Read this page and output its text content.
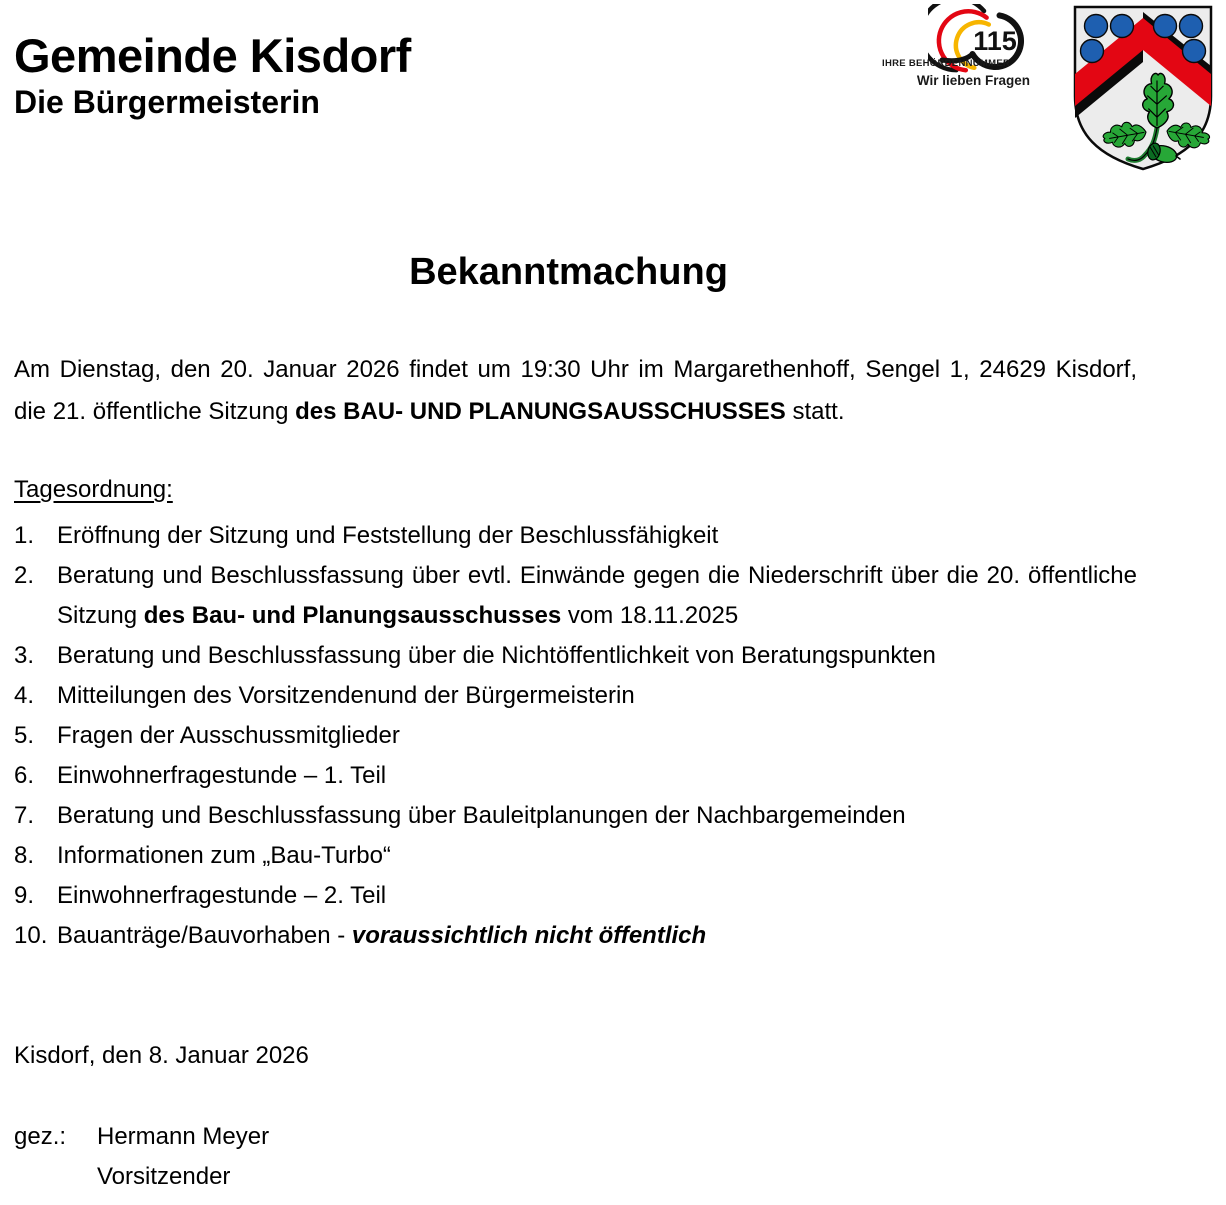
Gemeinde Kisdorf
Die Bürgermeisterin
115
IHRE BEHÖRDENNUMMER
Wir lieben Fragen
Bekanntmachung
Am Dienstag, den 20. Januar 2026 findet um 19:30 Uhr im Margarethenhoff, Sengel 1, 24629 Kisdorf,
die 21. öffentliche Sitzung des BAU- UND PLANUNGSAUSSCHUSSES statt.
Tagesordnung:
1. Eröffnung der Sitzung und Feststellung der Beschlussfähigkeit
2. Beratung und Beschlussfassung über evtl. Einwände gegen die Niederschrift über die 20. öffentliche
Sitzung des Bau- und Planungsausschusses vom 18.11.2025
3. Beratung und Beschlussfassung über die Nichtöffentlichkeit von Beratungspunkten
4. Mitteilungen des Vorsitzendenund der Bürgermeisterin
5. Fragen der Ausschussmitglieder
6. Einwohnerfragestunde – 1. Teil
7. Beratung und Beschlussfassung über Bauleitplanungen der Nachbargemeinden
8. Informationen zum „Bau-Turbo“
9. Einwohnerfragestunde – 2. Teil
10. Bauanträge/Bauvorhaben - voraussichtlich nicht öffentlich
Kisdorf, den 8. Januar 2026
gez.:	Hermann Meyer
Vorsitzender
